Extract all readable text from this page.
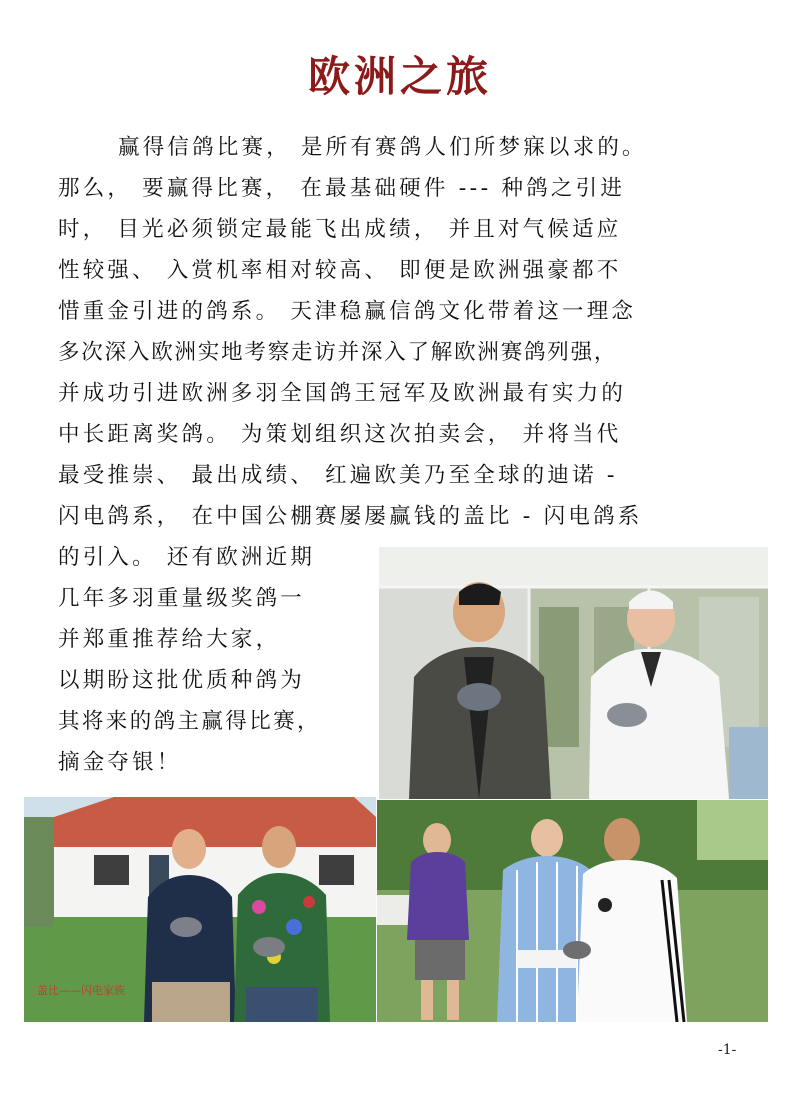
欧洲之旅
赢得信鸽比赛， 是所有赛鸽人们所梦寐以求的。
那么， 要赢得比赛， 在最基础硬件 --- 种鸽之引进
时， 目光必须锁定最能飞出成绩， 并且对气候适应
性较强、 入赏机率相对较高、 即便是欧洲强豪都不
惜重金引进的鸽系。 天津稳赢信鸽文化带着这一理念
多次深入欧洲实地考察走访并深入了解欧洲赛鸽列强，
并成功引进欧洲多羽全国鸽王冠军及欧洲最有实力的
中长距离奖鸽。 为策划组织这次拍卖会， 并将当代
最受推崇、 最出成绩、 红遍欧美乃至全球的迪诺 -
闪电鸽系， 在中国公棚赛屡屡赢钱的盖比 - 闪电鸽系
的引入。 还有欧洲近期
几年多羽重量级奖鸽一
并郑重推荐给大家，
以期盼这批优质种鸽为
其将来的鸽主赢得比赛，
摘金夺银！
盖比——闪电家族
-1-
